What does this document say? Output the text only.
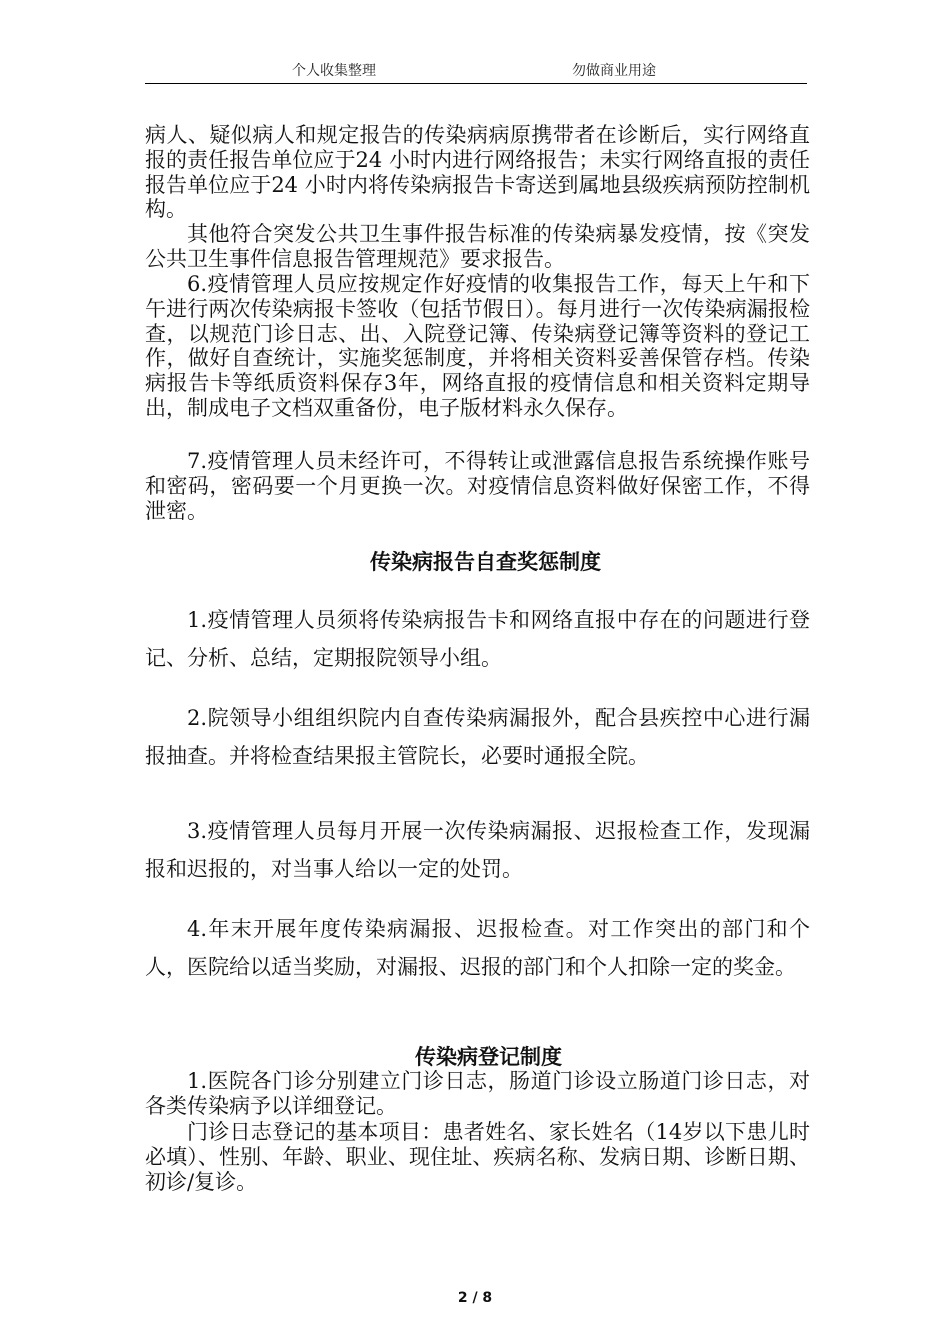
个人收集整理	勿做商业用途

病人、疑似病人和规定报告的传染病病原携带者在诊断后，实行网络直报的责任报告单位应于24 小时内进行网络报告；未实行网络直报的责任报告单位应于24 小时内将传染病报告卡寄送到属地县级疾病预防控制机构。

其他符合突发公共卫生事件报告标准的传染病暴发疫情，按《突发公共卫生事件信息报告管理规范》要求报告。

6.疫情管理人员应按规定作好疫情的收集报告工作，每天上午和下午进行两次传染病报卡签收（包括节假日）。每月进行一次传染病漏报检查，以规范门诊日志、出、入院登记簿、传染病登记簿等资料的登记工作，做好自查统计，实施奖惩制度，并将相关资料妥善保管存档。传染病报告卡等纸质资料保存3年，网络直报的疫情信息和相关资料定期导出，制成电子文档双重备份，电子版材料永久保存。

7.疫情管理人员未经许可，不得转让或泄露信息报告系统操作账号和密码，密码要一个月更换一次。对疫情信息资料做好保密工作，不得泄密。

传染病报告自查奖惩制度

1.疫情管理人员须将传染病报告卡和网络直报中存在的问题进行登记、分析、总结，定期报院领导小组。

2.院领导小组组织院内自查传染病漏报外，配合县疾控中心进行漏报抽查。并将检查结果报主管院长，必要时通报全院。

3.疫情管理人员每月开展一次传染病漏报、迟报检查工作，发现漏报和迟报的，对当事人给以一定的处罚。

4.年末开展年度传染病漏报、迟报检查。对工作突出的部门和个人，医院给以适当奖励，对漏报、迟报的部门和个人扣除一定的奖金。

传染病登记制度

1.医院各门诊分别建立门诊日志，肠道门诊设立肠道门诊日志，对各类传染病予以详细登记。

门诊日志登记的基本项目：患者姓名、家长姓名（14岁以下患儿时必填）、性别、年龄、职业、现住址、疾病名称、发病日期、诊断日期、初诊/复诊。

2 / 8
